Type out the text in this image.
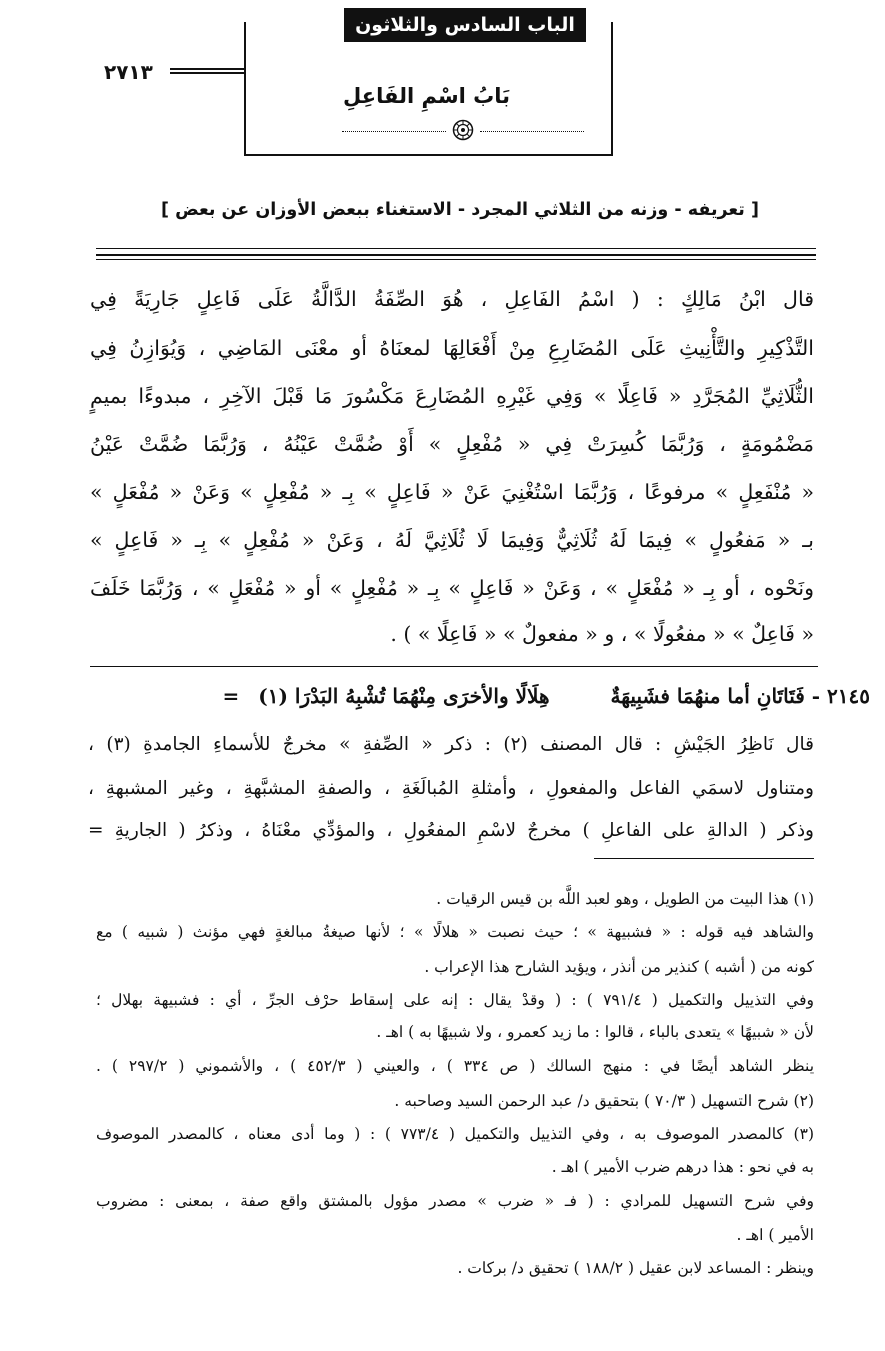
الباب السادس والثلاثون
٢٧١٣
بَابُ اسْمِ الفَاعِلِ
[ تعريفه - وزنه من الثلاثي المجرد - الاستغناء ببعض الأوزان عن بعض ]
قال ابْنُ مَالِكٍ : ( اسْمُ الفَاعِلِ ، هُوَ الصِّفَةُ الدَّالَّةُ عَلَى فَاعِلٍ جَارِيَةً فِي
التَّذْكِيرِ والتَّأْنِيثِ عَلَى المُضَارِعِ مِنْ أَفْعَالِهَا لمعنَاهُ أو معْنَى المَاضِي ، وَيُوَازِنُ فِي
الثُّلَاثِيِّ المُجَرَّدِ « فَاعِلًا » وَفِي غَيْرِهِ المُضَارِعَ مَكْسُورَ مَا قَبْلَ الآخِرِ ، مبدوءًا بميمٍ
مَضْمُومَةٍ ، وَرُبَّمَا كُسِرَتْ فِي « مُفْعِلٍ » أَوْ ضُمَّتْ عَيْنُهُ ، وَرُبَّمَا ضُمَّتْ عَيْنُ
« مُنْفَعِلٍ » مرفوعًا ، وَرُبَّمَا اسْتُغْنِيَ عَنْ « فَاعِلٍ » بِـ « مُفْعِلٍ » وَعَنْ « مُفْعَلٍ »
بـ « مَفعُولٍ » فِيمَا لَهُ ثُلَاثِيٌّ وَفِيمَا لَا ثُلَاثِيَّ لَهُ ، وَعَنْ « مُفْعِلٍ » بِـ « فَاعِلٍ »
ونَحْوه ، أو بِـ « مُفْعَلٍ » ، وَعَنْ « فَاعِلٍ » بِـ « مُفْعِلٍ » أو « مُفْعَلٍ » ، وَرُبَّمَا خَلَفَ
« فَاعِلٌ » « مفعُولًا » ، و « مفعولٌ » « فَاعِلًا » ) .
٢١٤٥ - فَتَاتَانِ أما منهُمَا فشَبِيهَةٌ هِلَالًا والأخرَى مِنْهُمَا تُشْبِهُ البَدْرَا (١) =
قال نَاظِرُ الجَيْشِ : قال المصنف (٢) : ذكر « الصِّفةِ » مخرجٌ للأسماءِ الجامدةِ (٣) ،
ومتناول لاسمَي الفاعل والمفعولِ ، وأمثلةِ المُبالَغَةِ ، والصفةِ المشبَّهةِ ، وغير المشبهةِ ،
وذكر ( الدالةِ على الفاعلِ ) مخرجٌ لاسْمِ المفعُولِ ، والمؤدِّي معْنَاهُ ، وذكرُ ( الجاريةِ =
(١) هذا البيت من الطويل ، وهو لعبد اللَّه بن قيس الرقيات .
والشاهد فيه قوله : « فشبيهة » ؛ حيث نصبت « هلالًا » ؛ لأنها صيغةُ مبالغةٍ فهي مؤنث ( شبيه ) مع
كونه من ( أشبه ) كنذير من أنذر ، ويؤيد الشارح هذا الإعراب .
وفي التذييل والتكميل ( ٧٩١/٤ ) : ( وقدْ يقال : إنه على إسقاط حرْف الجرِّ ، أي : فشبيهة بهلال ؛
لأن « شبيهًا » يتعدى بالباء ، قالوا : ما زيد كعمرو ، ولا شبيهًا به ) اهـ .
ينظر الشاهد أيضًا في : منهج السالك ( ص ٣٣٤ ) ، والعيني ( ٤٥٢/٣ ) ، والأشموني ( ٢٩٧/٢ ) .
(٢) شرح التسهيل ( ٧٠/٣ ) بتحقيق د/ عبد الرحمن السيد وصاحبه .
(٣) كالمصدر الموصوف به ، وفي التذييل والتكميل ( ٧٧٣/٤ ) : ( وما أدى معناه ، كالمصدر الموصوف
به في نحو : هذا درهم ضرب الأمير ) اهـ .
وفي شرح التسهيل للمرادي : ( فـ « ضرب » مصدر مؤول بالمشتق واقع صفة ، بمعنى : مضروب
الأمير ) اهـ .
وينظر : المساعد لابن عقيل ( ١٨٨/٢ ) تحقيق د/ بركات .
